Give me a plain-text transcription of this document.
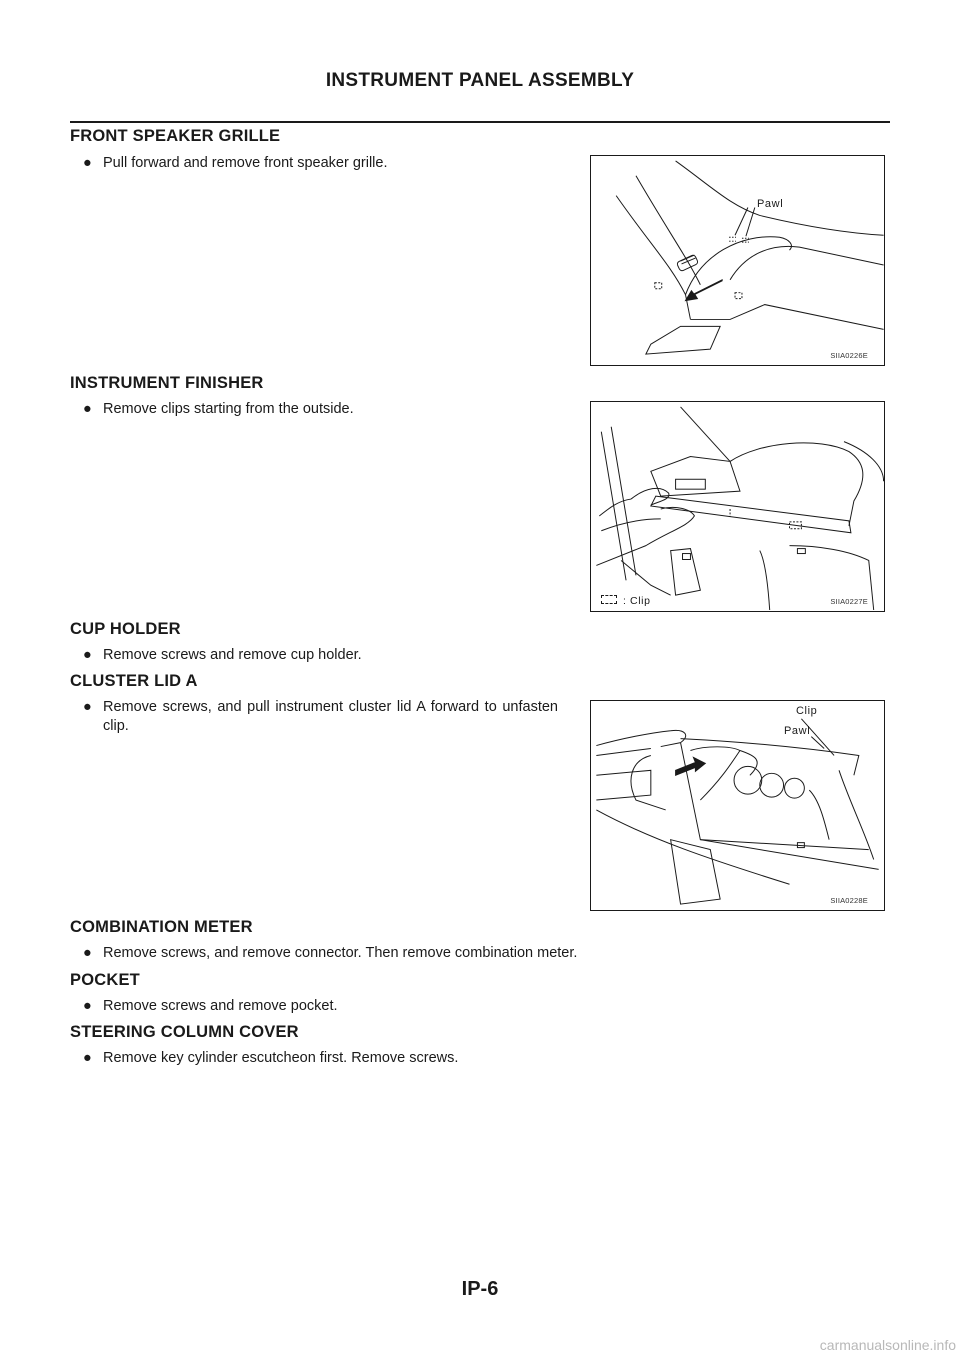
INSTRUMENT PANEL ASSEMBLY
FRONT SPEAKER GRILLE

● Pull forward and remove front speaker grille.

Pawl
SIIA0226E
INSTRUMENT FINISHER

● Remove clips starting from the outside.

: Clip	SIIA0227E
CUP HOLDER

● Remove screws and remove cup holder.

CLUSTER LID A

● Remove screws, and pull instrument cluster lid A forward to unfasten clip.

Clip
Pawl
SIIA0228E
COMBINATION METER

● Remove screws, and remove connector. Then remove combination meter.

POCKET

● Remove screws and remove pocket.

STEERING COLUMN COVER

● Remove key cylinder escutcheon first. Remove screws.

IP-6
carmanualsonline.info
